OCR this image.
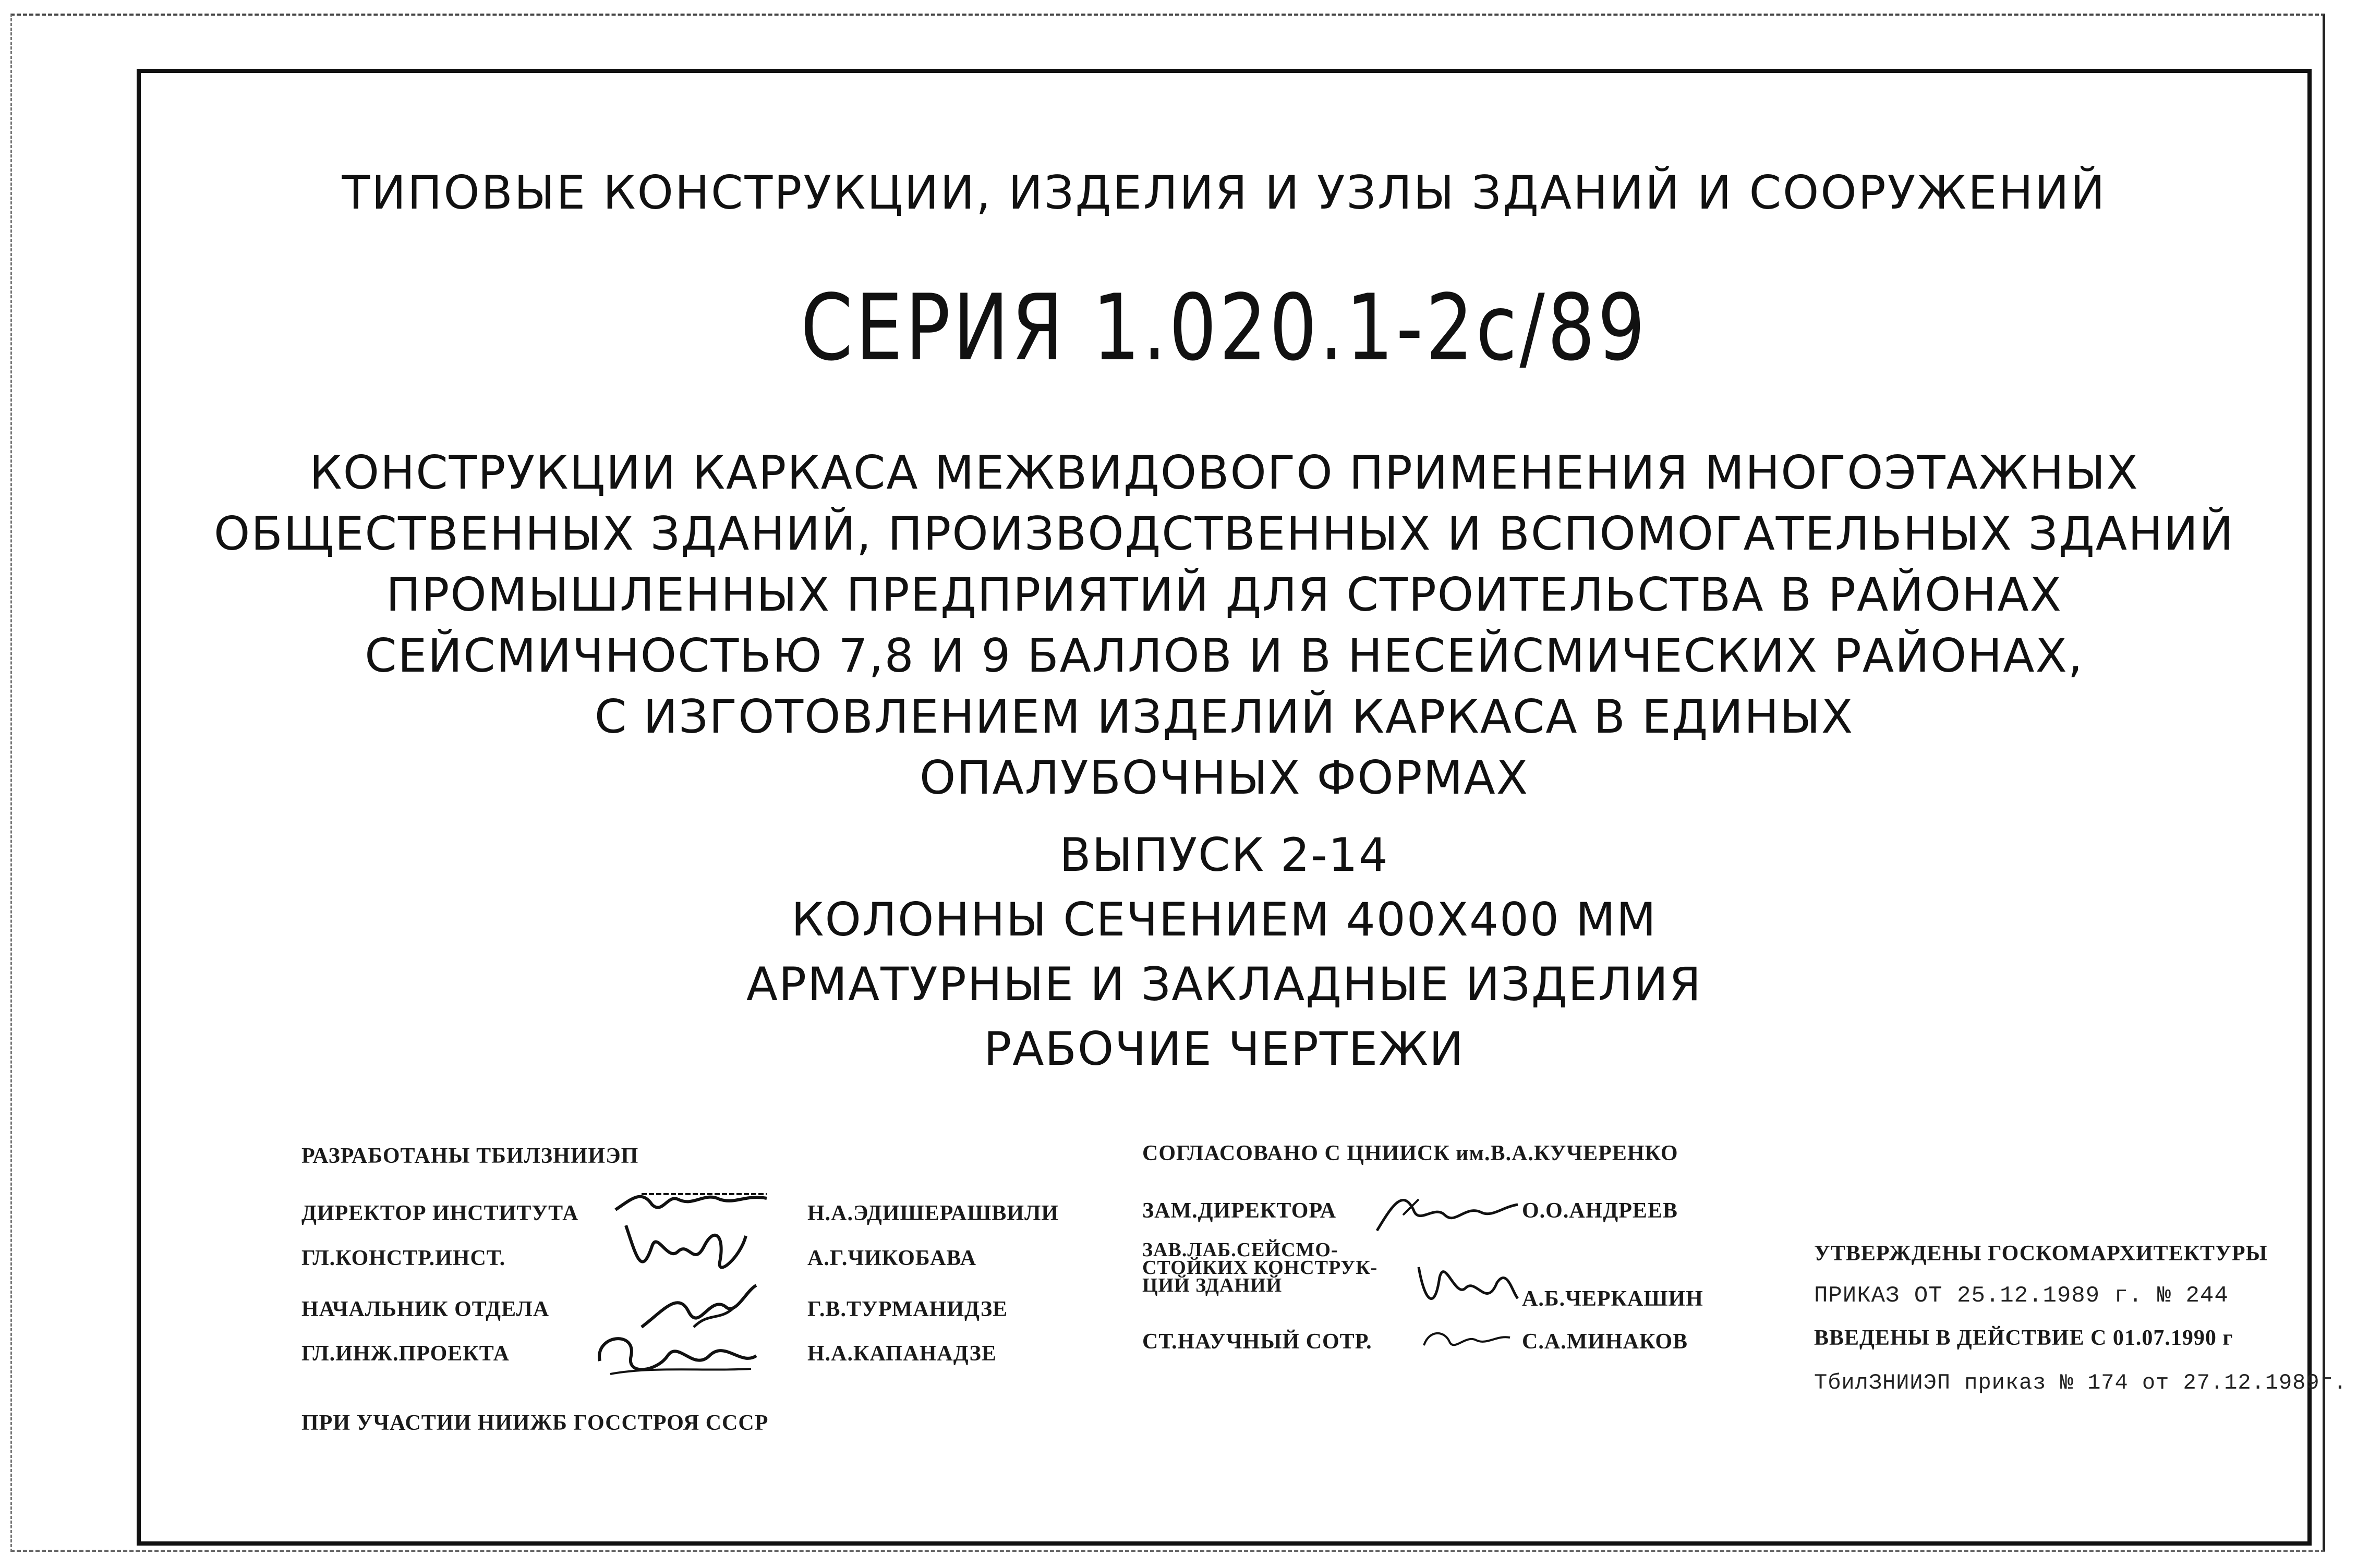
ТИПОВЫЕ КОНСТРУКЦИИ, ИЗДЕЛИЯ И УЗЛЫ ЗДАНИЙ И СООРУЖЕНИЙ
СЕРИЯ 1.020.1-2с/89
КОНСТРУКЦИИ КАРКАСА МЕЖВИДОВОГО ПРИМЕНЕНИЯ МНОГОЭТАЖНЫХ
ОБЩЕСТВЕННЫХ ЗДАНИЙ, ПРОИЗВОДСТВЕННЫХ И ВСПОМОГАТЕЛЬНЫХ ЗДАНИЙ
ПРОМЫШЛЕННЫХ ПРЕДПРИЯТИЙ ДЛЯ СТРОИТЕЛЬСТВА В РАЙОНАХ
СЕЙСМИЧНОСТЬЮ 7,8 И 9 БАЛЛОВ И В НЕСЕЙСМИЧЕСКИХ РАЙОНАХ,
С ИЗГОТОВЛЕНИЕМ ИЗДЕЛИЙ КАРКАСА В ЕДИНЫХ
ОПАЛУБОЧНЫХ ФОРМАХ
ВЫПУСК 2-14
КОЛОННЫ СЕЧЕНИЕМ 400Х400 ММ
АРМАТУРНЫЕ И ЗАКЛАДНЫЕ ИЗДЕЛИЯ
РАБОЧИЕ ЧЕРТЕЖИ
РАЗРАБОТАНЫ ТБИЛЗНИИЭП
ДИРЕКТОР ИНСТИТУТА
ГЛ.КОНСТР.ИНСТ.
НАЧАЛЬНИК ОТДЕЛА
ГЛ.ИНЖ.ПРОЕКТА
Н.А.ЭДИШЕРАШВИЛИ
А.Г.ЧИКОБАВА
Г.В.ТУРМАНИДЗЕ
Н.А.КАПАНАДЗЕ
ПРИ УЧАСТИИ НИИЖБ ГОССТРОЯ СССР
СОГЛАСОВАНО С ЦНИИСК им.В.А.КУЧЕРЕНКО
ЗАМ.ДИРЕКТОРА
ЗАВ.ЛАБ.СЕЙСМО-
СТОЙКИХ КОНСТРУК-
ЦИЙ ЗДАНИЙ
СТ.НАУЧНЫЙ СОТР.
О.О.АНДРЕЕВ
А.Б.ЧЕРКАШИН
С.А.МИНАКОВ
УТВЕРЖДЕНЫ ГОСКОМАРХИТЕКТУРЫ
ПРИКАЗ ОТ 25.12.1989 г. № 244
ВВЕДЕНЫ В ДЕЙСТВИЕ С 01.07.1990 г
ТбилЗНИИЭП приказ № 174 от 27.12.1989г.
